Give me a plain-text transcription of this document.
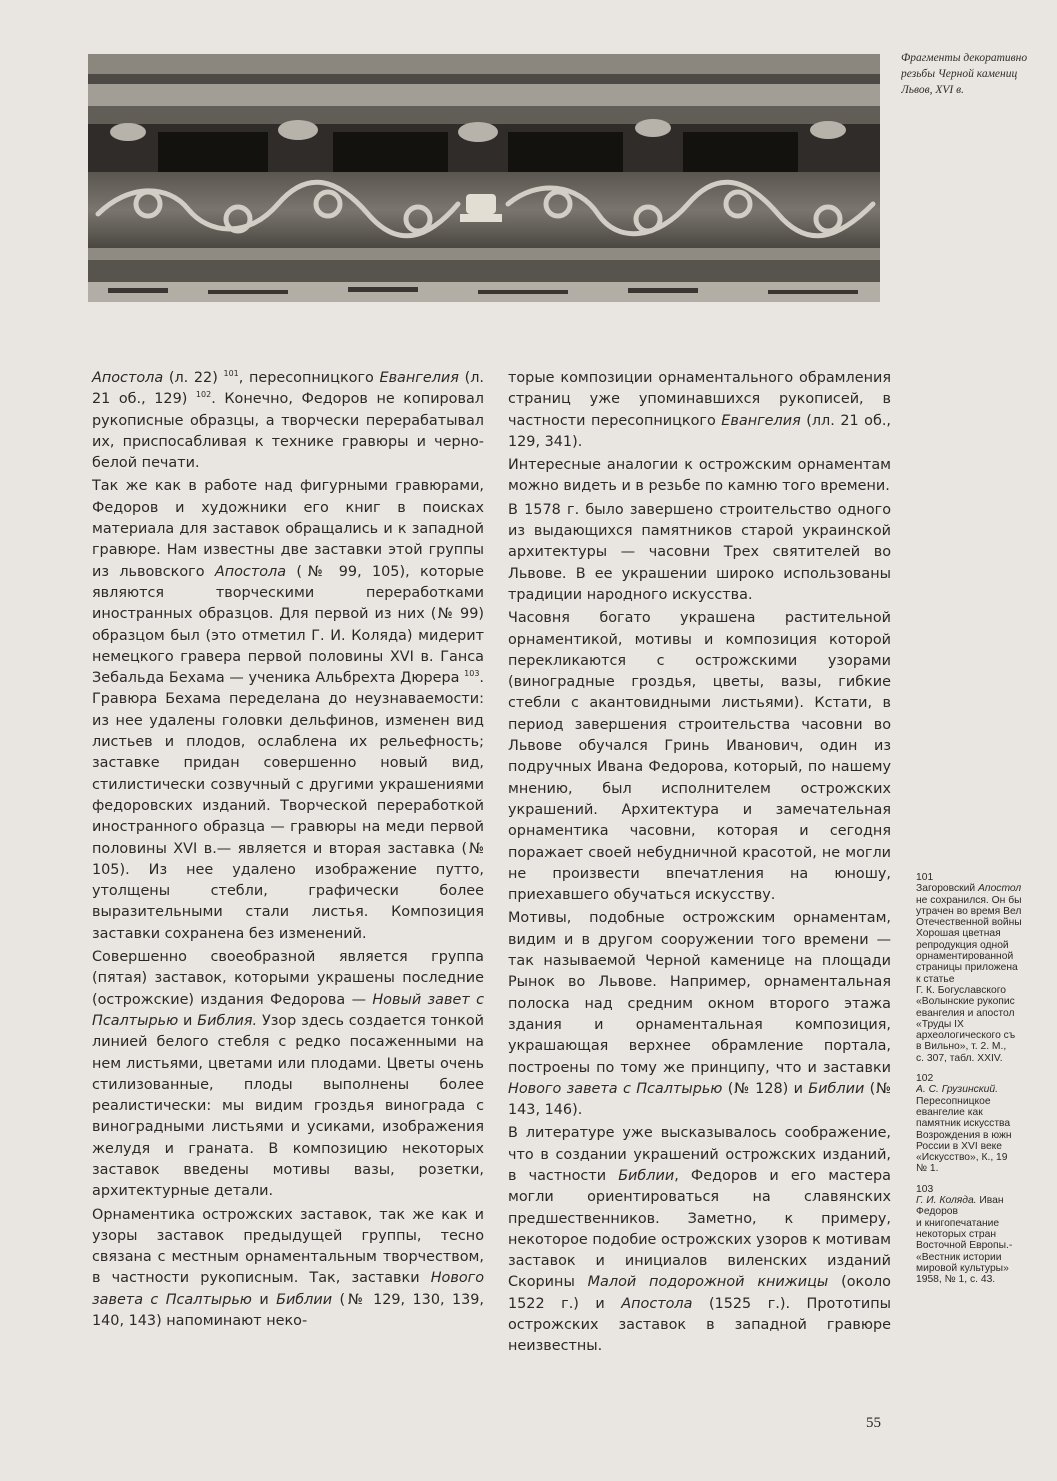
Фрагменты декоративно
резьбы Черной камениц
Львов, XVI в.

Апостола (л. 22) $^{101}$, пересопницкого Евангелия (л. 21 об., 129) $^{102}$. Конечно, Федоров не копировал рукописные образцы, а творчески перерабатывал их, приспосабливая к технике гравюры и черно-белой печати.

Так же как в работе над фигурными гравюрами, Федоров и художники его книг в поисках материала для заставок обращались и к западной гравюре. Нам известны две заставки этой группы из львовского Апостола (№ 99, 105), которые являются творческими переработками иностранных образцов. Для первой из них (№ 99) образцом был (это отметил Г. И. Коляда) мидерит немецкого гравера первой половины XVI в. Ганса Зебальда Бехама — ученика Альбрехта Дюрера $^{103}$. Гравюра Бехама переделана до неузнаваемости: из нее удалены головки дельфинов, изменен вид листьев и плодов, ослаблена их рельефность; заставке придан совершенно новый вид, стилистически созвучный с другими украшениями федоровских изданий. Творческой переработкой иностранного образца — гравюры на меди первой половины XVI в.— является и вторая заставка (№ 105). Из нее удалено изображение путто, утолщены стебли, графически более выразительными стали листья. Композиция заставки сохранена без изменений.

Совершенно своеобразной является группа (пятая) заставок, которыми украшены последние (острожские) издания Федорова — Новый завет с Псалтырью и Библия. Узор здесь создается тонкой линией белого стебля с редко посаженными на нем листьями, цветами или плодами. Цветы очень стилизованные, плоды выполнены более реалистически: мы видим гроздья винограда с виноградными листьями и усиками, изображения желудя и граната. В композицию некоторых заставок введены мотивы вазы, розетки, архитектурные детали.

Орнаментика острожских заставок, так же как и узоры заставок предыдущей группы, тесно связана с местным орнаментальным творчеством, в частности рукописным. Так, заставки Нового завета с Псалтырью и Библии (№ 129, 130, 139, 140, 143) напоминают неко-

торые композиции орнаментального обрамления страниц уже упоминавшихся рукописей, в частности пересопницкого Евангелия (лл. 21 об., 129, 341).

Интересные аналогии к острожским орнаментам можно видеть и в резьбе по камню того времени.

В 1578 г. было завершено строительство одного из выдающихся памятников старой украинской архитектуры — часовни Трех святителей во Львове. В ее украшении широко использованы традиции народного искусства.

Часовня богато украшена растительной орнаментикой, мотивы и композиция которой перекликаются с острожскими узорами (виноградные гроздья, цветы, вазы, гибкие стебли с акантовидными листьями). Кстати, в период завершения строительства часовни во Львове обучался Гринь Иванович, один из подручных Ивана Федорова, который, по нашему мнению, был исполнителем острожских украшений. Архитектура и замечательная орнаментика часовни, которая и сегодня поражает своей небудничной красотой, не могли не произвести впечатления на юношу, приехавшего обучаться искусству.

Мотивы, подобные острожским орнаментам, видим и в другом сооружении того времени — так называемой Черной каменице на площади Рынок во Львове. Например, орнаментальная полоска над средним окном второго этажа здания и орнаментальная композиция, украшающая верхнее обрамление портала, построены по тому же принципу, что и заставки Нового завета с Псалтырью (№ 128) и Библии (№ 143, 146).

В литературе уже высказывалось соображение, что в создании украшений острожских изданий, в частности Библии, Федоров и его мастера могли ориентироваться на славянских предшественников. Заметно, к примеру, некоторое подобие острожских узоров к мотивам заставок и инициалов виленских изданий Скорины Малой подорожной книжицы (около 1522 г.) и Апостола (1525 г.). Прототипы острожских заставок в западной гравюре неизвестны.

101
Загоровский Апостол
не сохранился. Он бы
утрачен во время Вел
Отечественной войны
Хорошая цветная
репродукция одной
орнаментированной
страницы приложена
к статье
Г. К. Богуславского
«Волынские рукопис
евангелия и апостол
«Труды IX
археологического съ
в Вильно», т. 2. М.,
с. 307, табл. XXIV.
102
А. С. Грузинский.
Пересопницкое
евангелие как
памятник искусства
Возрождения в южн
России в XVI веке
«Искусство», К., 19
№ 1.
103
Г. И. Коляда. Иван
Федоров
и книгопечатание
некоторых стран
Восточной Европы.-
«Вестник истории
мировой культуры»
1958, № 1, с. 43.
55
